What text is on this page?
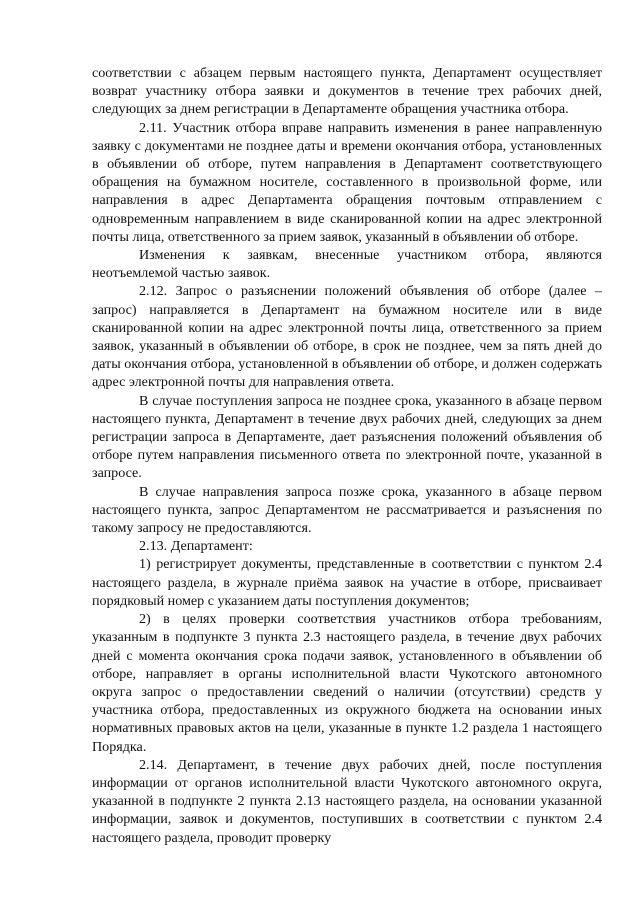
соответствии с абзацем первым настоящего пункта, Департамент осуществляет возврат участнику отбора заявки и документов в течение трех рабочих дней, следующих за днем регистрации в Департаменте обращения участника отбора.

2.11. Участник отбора вправе направить изменения в ранее направленную заявку с документами не позднее даты и времени окончания отбора, установленных в объявлении об отборе, путем направления в Департамент соответствующего обращения на бумажном носителе, составленного в произвольной форме, или направления в адрес Департамента обращения почтовым отправлением с одновременным направлением в виде сканированной копии на адрес электронной почты лица, ответственного за прием заявок, указанный в объявлении об отборе.

Изменения к заявкам, внесенные участником отбора, являются неотъемлемой частью заявок.

2.12. Запрос о разъяснении положений объявления об отборе (далее – запрос) направляется в Департамент на бумажном носителе или в виде сканированной копии на адрес электронной почты лица, ответственного за прием заявок, указанный в объявлении об отборе, в срок не позднее, чем за пять дней до даты окончания отбора, установленной в объявлении об отборе, и должен содержать адрес электронной почты для направления ответа.

В случае поступления запроса не позднее срока, указанного в абзаце первом настоящего пункта, Департамент в течение двух рабочих дней, следующих за днем регистрации запроса в Департаменте, дает разъяснения положений объявления об отборе путем направления письменного ответа по электронной почте, указанной в запросе.

В случае направления запроса позже срока, указанного в абзаце первом настоящего пункта, запрос Департаментом не рассматривается и разъяснения по такому запросу не предоставляются.

2.13. Департамент:

1) регистрирует документы, представленные в соответствии с пунктом 2.4 настоящего раздела, в журнале приёма заявок на участие в отборе, присваивает порядковый номер с указанием даты поступления документов;

2) в целях проверки соответствия участников отбора требованиям, указанным в подпункте 3 пункта 2.3 настоящего раздела, в течение двух рабочих дней с момента окончания срока подачи заявок, установленного в объявлении об отборе, направляет в органы исполнительной власти Чукотского автономного округа запрос о предоставлении сведений о наличии (отсутствии) средств у участника отбора, предоставленных из окружного бюджета на основании иных нормативных правовых актов на цели, указанные в пункте 1.2 раздела 1 настоящего Порядка.

2.14. Департамент, в течение двух рабочих дней, после поступления информации от органов исполнительной власти Чукотского автономного округа, указанной в подпункте 2 пункта 2.13 настоящего раздела, на основании указанной информации, заявок и документов, поступивших в соответствии с пунктом 2.4 настоящего раздела, проводит проверку
